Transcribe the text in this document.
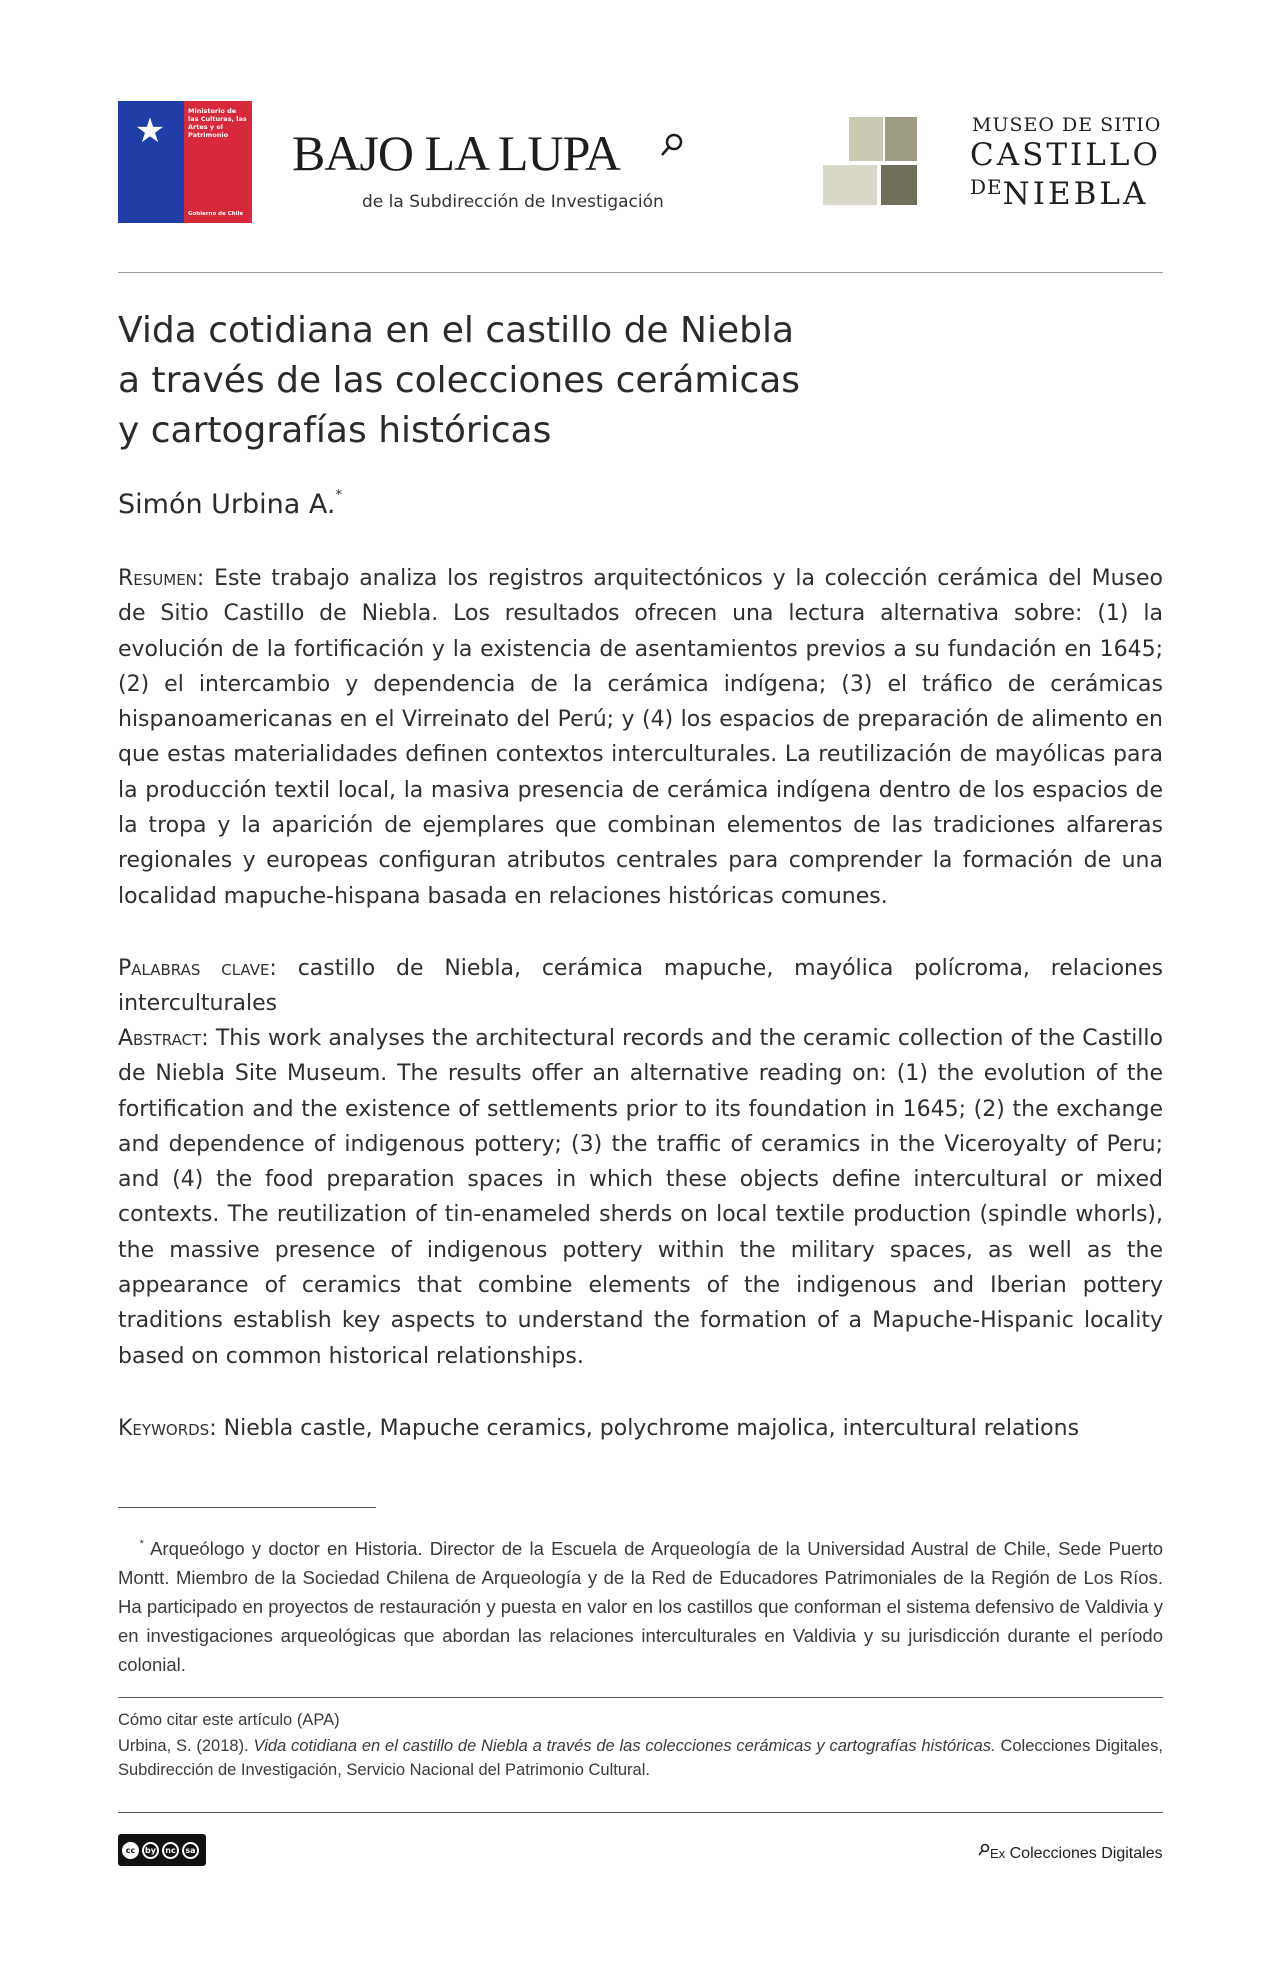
★	Ministerio de las Culturas, las Artes y el Patrimonio
Gobierno de Chile
BAJO LA LUPA
de la Subdirección de Investigación
MUSEO DE SITIO
CASTILLO
$^{DE}$NIEBLA
Vida cotidiana en el castillo de Niebla
a través de las colecciones cerámicas
y cartografías históricas
Simón Urbina A.*
Resumen: Este trabajo analiza los registros arquitectónicos y la colección cerámica del Museo de Sitio Castillo de Niebla. Los resultados ofrecen una lectura alternativa sobre: (1) la evolución de la fortificación y la existencia de asentamientos previos a su fundación en 1645; (2) el intercambio y dependencia de la cerámica indígena; (3) el tráfico de cerámicas hispanoamericanas en el Virreinato del Perú; y (4) los espacios de preparación de alimento en que estas materialidades definen contextos interculturales. La reutilización de mayólicas para la producción textil local, la masiva presencia de cerámica indígena dentro de los espacios de la tropa y la aparición de ejemplares que combinan elementos de las tradiciones alfareras regionales y europeas configuran atributos centrales para comprender la formación de una localidad mapuche-hispana basada en relaciones históricas comunes.
Palabras clave: castillo de Niebla, cerámica mapuche, mayólica polícroma, relaciones interculturales
Abstract: This work analyses the architectural records and the ceramic collection of the Castillo de Niebla Site Museum. The results offer an alternative reading on: (1) the evolution of the fortification and the existence of settlements prior to its foundation in 1645; (2) the exchange and dependence of indigenous pottery; (3) the traffic of ceramics in the Viceroyalty of Peru; and (4) the food preparation spaces in which these objects define intercultural or mixed contexts. The reutilization of tin-enameled sherds on local textile production (spindle whorls), the massive presence of indigenous pottery within the military spaces, as well as the appearance of ceramics that combine elements of the indigenous and Iberian pottery traditions establish key aspects to understand the formation of a Mapuche-Hispanic locality based on common historical relationships.
Keywords: Niebla castle, Mapuche ceramics, polychrome majolica, intercultural relations
* Arqueólogo y doctor en Historia. Director de la Escuela de Arqueología de la Universidad Austral de Chile, Sede Puerto Montt. Miembro de la Sociedad Chilena de Arqueología y de la Red de Educadores Patrimoniales de la Región de Los Ríos. Ha participado en proyectos de restauración y puesta en valor en los castillos que conforman el sistema defensivo de Valdivia y en investigaciones arqueológicas que abordan las relaciones interculturales en Valdivia y su jurisdicción durante el período colonial.
Cómo citar este artículo (APA)
Urbina, S. (2018). Vida cotidiana en el castillo de Niebla a través de las colecciones cerámicas y cartografías históricas. Colecciones Digitales, Subdirección de Investigación, Servicio Nacional del Patrimonio Cultural.
cc	by	nc	sa	Ex Colecciones Digitales
